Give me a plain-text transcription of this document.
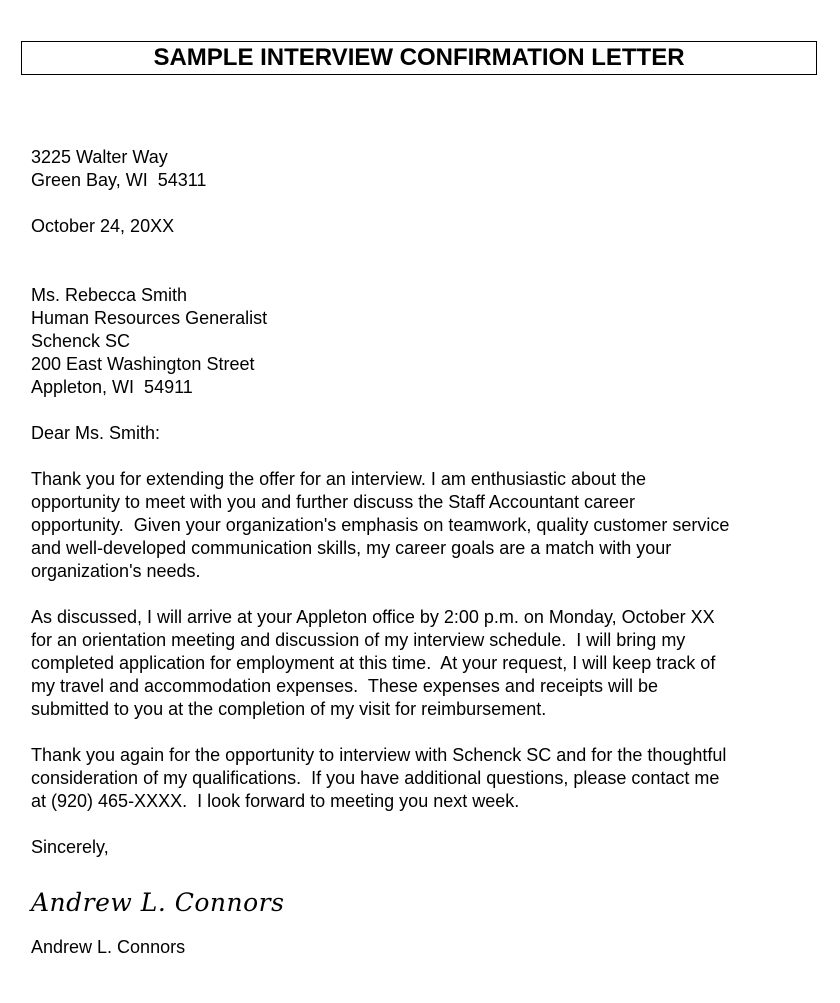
SAMPLE INTERVIEW CONFIRMATION LETTER
3225 Walter Way
Green Bay, WI  54311
October 24, 20XX
Ms. Rebecca Smith
Human Resources Generalist
Schenck SC
200 East Washington Street
Appleton, WI  54911
Dear Ms. Smith:
Thank you for extending the offer for an interview. I am enthusiastic about the
opportunity to meet with you and further discuss the Staff Accountant career
opportunity.  Given your organization's emphasis on teamwork, quality customer service
and well-developed communication skills, my career goals are a match with your
organization's needs.
As discussed, I will arrive at your Appleton office by 2:00 p.m. on Monday, October XX
for an orientation meeting and discussion of my interview schedule.  I will bring my
completed application for employment at this time.  At your request, I will keep track of
my travel and accommodation expenses.  These expenses and receipts will be
submitted to you at the completion of my visit for reimbursement.
Thank you again for the opportunity to interview with Schenck SC and for the thoughtful
consideration of my qualifications.  If you have additional questions, please contact me
at (920) 465-XXXX.  I look forward to meeting you next week.
Sincerely,
Andrew L. Connors
Andrew L. Connors
